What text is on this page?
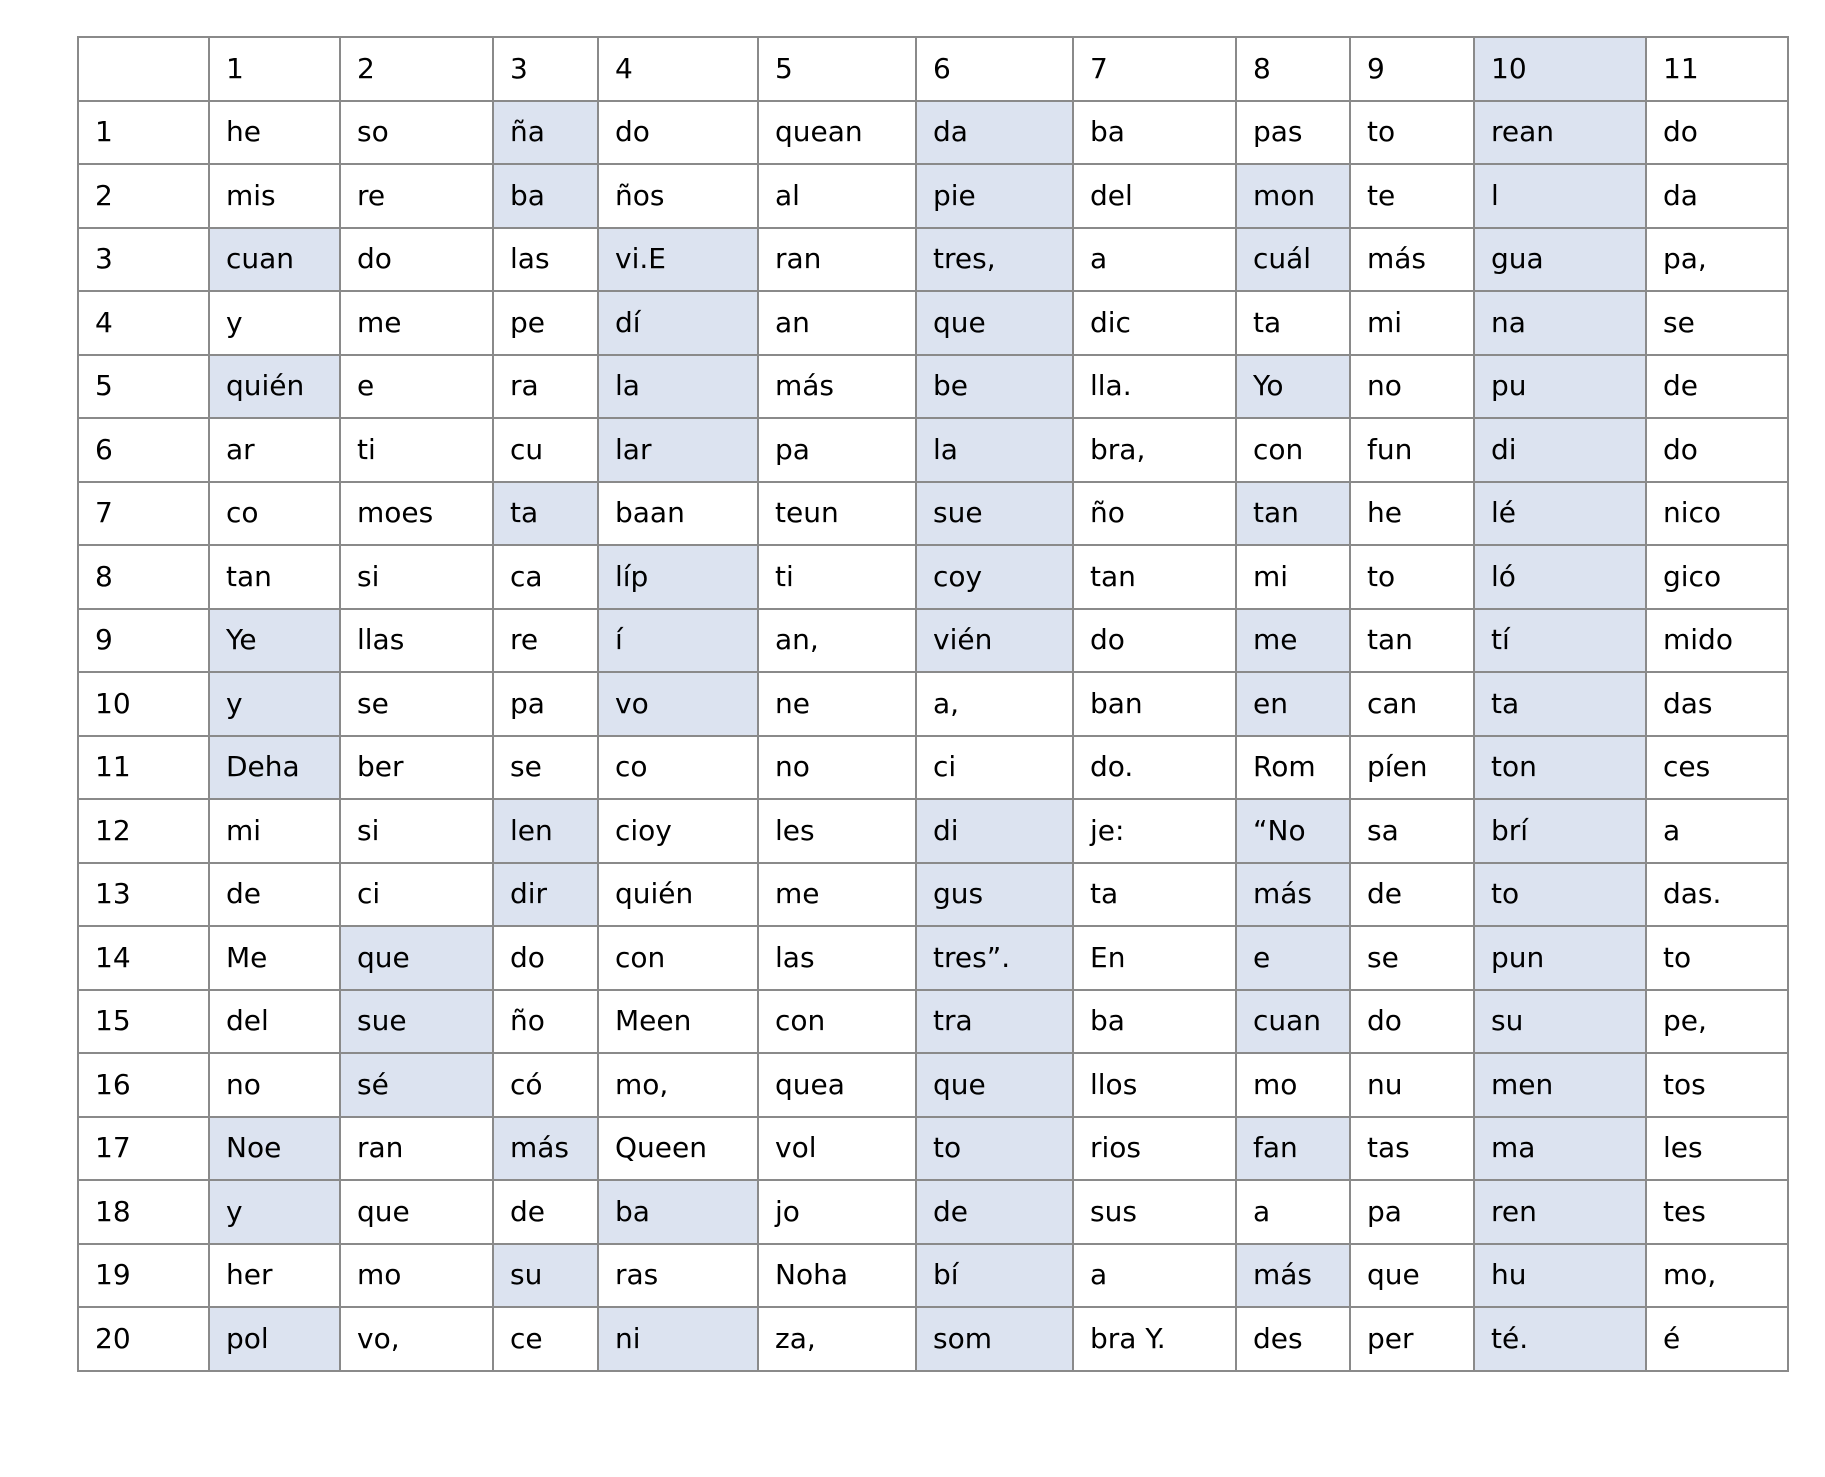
	1	2	3	4	5	6	7	8	9	10	11
1	he	so	ña	do	quean	da	ba	pas	to	rean	do
2	mis	re	ba	ños	al	pie	del	mon	te	l	da
3	cuan	do	las	vi.E	ran	tres,	a	cuál	más	gua	pa,
4	y	me	pe	dí	an	que	dic	ta	mi	na	se
5	quién	e	ra	la	más	be	lla.	Yo	no	pu	de
6	ar	ti	cu	lar	pa	la	bra,	con	fun	di	do
7	co	moes	ta	baan	teun	sue	ño	tan	he	lé	nico
8	tan	si	ca	líp	ti	coy	tan	mi	to	ló	gico
9	Ye	llas	re	í	an,	vién	do	me	tan	tí	mido
10	y	se	pa	vo	ne	a,	ban	en	can	ta	das
11	Deha	ber	se	co	no	ci	do.	Rom	píen	ton	ces
12	mi	si	len	cioy	les	di	je:	“No	sa	brí	a
13	de	ci	dir	quién	me	gus	ta	más	de	to	das.
14	Me	que	do	con	las	tres”.	En	e	se	pun	to
15	del	sue	ño	Meen	con	tra	ba	cuan	do	su	pe,
16	no	sé	có	mo,	quea	que	llos	mo	nu	men	tos
17	Noe	ran	más	Queen	vol	to	rios	fan	tas	ma	les
18	y	que	de	ba	jo	de	sus	a	pa	ren	tes
19	her	mo	su	ras	Noha	bí	a	más	que	hu	mo,
20	pol	vo,	ce	ni	za,	som	bra Y.	des	per	té.	é
